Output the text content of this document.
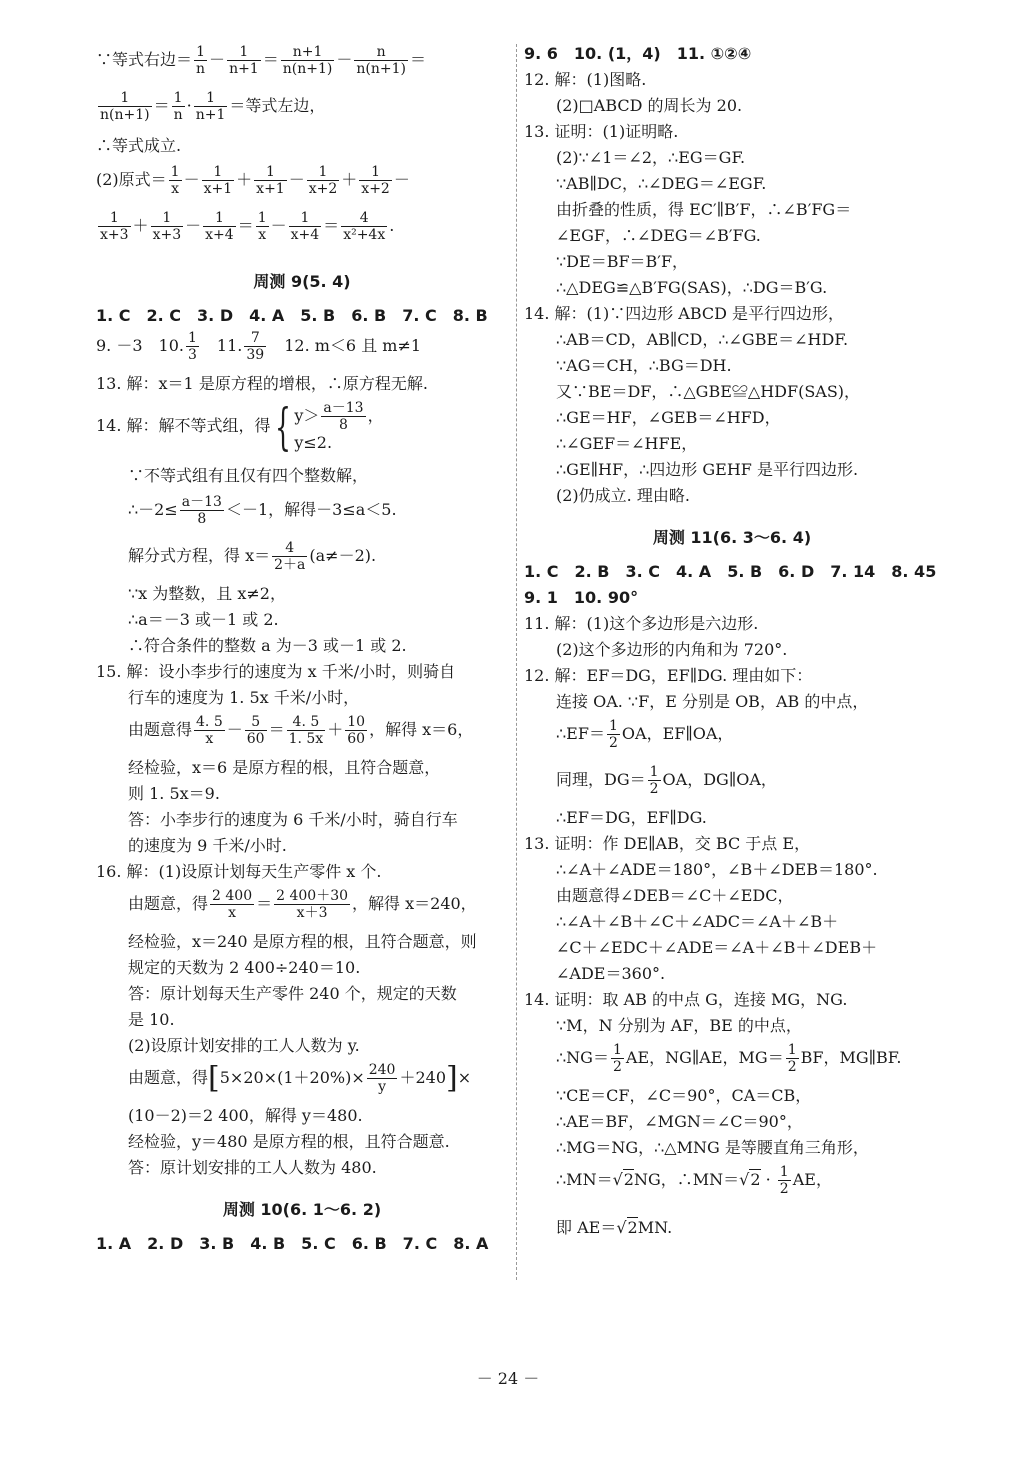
∵等式右边＝ $\frac{1}{n} - \frac{1}{n+1} = \frac{n+1}{n(n+1)} - \frac{n}{n(n+1)}$ ＝
$\frac{1}{n(n+1)} = \frac{1}{n} \cdot \frac{1}{n+1}$ ＝等式左边，
∴等式成立.
(2)原式＝ $\frac{1}{x} - \frac{1}{x+1} + \frac{1}{x+1} - \frac{1}{x+2} + \frac{1}{x+2}$ －
$\frac{1}{x+3} + \frac{1}{x+3} - \frac{1}{x+4} = \frac{1}{x} - \frac{1}{x+4} = \frac{4}{\text{x²+4x}}$ .
周测 9(5. 4)
1. C　2. C　3. D　4. A　5. B　6. B　7. C　8. B
9. －3　10. $\frac{1}{3}$
　 11. $\frac{7}{39}$
　 12. m＜6 且 m≠1
13. 解：x＝1 是原方程的增根，∴原方程无解.
14. 解：解不等式组，得 { $y> \frac{a-13}{8}$ ，
y≤2.
∵不等式组有且仅有四个整数解，
∴－2≤ $\frac{a-13}{8} <-1$，解得－3≤a＜5.
解分式方程，得 $x= \frac{4}{2+a} (a\ne-2)$.
∵x 为整数，且 x≠2，
∴a＝－3 或－1 或 2.
∴符合条件的整数 a 为－3 或－1 或 2.
15. 解：设小李步行的速度为 x 千米/小时，则骑自
行车的速度为 1. 5x 千米/小时，
由题意得 $\frac{4. 5}{x} - \frac{5}{60} = \frac{4. 5}{1. 5x} + \frac{10}{60}$ ，解得 x＝6，
经检验，x＝6 是原方程的根，且符合题意，
则 1. 5x＝9.
答：小李步行的速度为 6 千米/小时，骑自行车
的速度为 9 千米/小时.
16. 解：(1)设原计划每天生产零件 x 个.
由题意，得 $\frac{2 400}{x} = \frac{2 400+30}{x+3}$ ，解得 x＝240，
经检验，x＝240 是原方程的根，且符合题意，则
规定的天数为 2 400÷240＝10.
答：原计划每天生产零件 240 个，规定的天数
是 10.
(2)设原计划安排的工人人数为 y.
由题意，得$[5\times 20\times(1+20\%)\times \frac{240}{y} +240]\times$
(10－2)＝2 400，解得 y＝480.
经检验，y＝480 是原方程的根，且符合题意.
答：原计划安排的工人人数为 480.
周测 10(6. 1～6. 2)
1. A　2. D　3. B　4. B　5. C　6. B　7. C　8. A
9. 6　10. (1，4)　11. ①②④
12. 解：(1)图略.
(2)□ABCD 的周长为 20.
13. 证明：(1)证明略.
(2)∵∠1＝∠2，∴EG＝GF.
∵AB∥DC，∴∠DEG＝∠EGF.
由折叠的性质，得 EC′∥B′F，∴∠B′FG＝
∠EGF，∴∠DEG＝∠B′FG.
∵DE＝BF＝B′F，
∴△DEG≌△B′FG(SAS)，∴DG＝B′G.
14. 解：(1)∵四边形 ABCD 是平行四边形，
∴AB＝CD，AB∥CD，∴∠GBE＝∠HDF.
∵AG＝CH，∴BG＝DH.
又∵BE＝DF，∴△GBE≌△HDF(SAS)，
∴GE＝HF，∠GEB＝∠HFD，
∴∠GEF＝∠HFE，
∴GE∥HF，∴四边形 GEHF 是平行四边形.
(2)仍成立. 理由略.
周测 11(6. 3～6. 4)
1. C　2. B　3. C　4. A　5. B　6. D　7. 14　8. 45
9. 1　10. 90°
11. 解：(1)这个多边形是六边形.
(2)这个多边形的内角和为 720°.
12. 解：EF＝DG，EF∥DG. 理由如下：
连接 OA. ∵F，E 分别是 OB，AB 的中点，
∴EF＝ $\frac{1}{2}$ OA，EF∥OA，
同理，$DG= \frac{1}{2}$ OA，DG∥OA，
∴EF＝DG，EF∥DG.
13. 证明：作 DE∥AB，交 BC 于点 E，
∴∠A＋∠ADE＝180°，∠B＋∠DEB＝180°.
由题意得∠DEB＝∠C＋∠EDC，
∴∠A＋∠B＋∠C＋∠ADC＝∠A＋∠B＋
∠C＋∠EDC＋∠ADE＝∠A＋∠B＋∠DEB＋
∠ADE＝360°.
14. 证明：取 AB 的中点 G，连接 MG，NG.
∵M，N 分别为 AF，BE 的中点，
∴NG＝ $\frac{1}{2}$ AE，NG∥AE，$MG= \frac{1}{2}$ BF，MG∥BF.
∵CE＝CF，∠C＝90°，CA＝CB，
∴AE＝BF，∠MGN＝∠C＝90°，
∴MG＝NG，∴△MNG 是等腰直角三角形，
∴MN＝√2NG，∴MN＝√2 · $\frac{1}{2}$ AE，
即 AE＝√2MN.
－ 24 －
